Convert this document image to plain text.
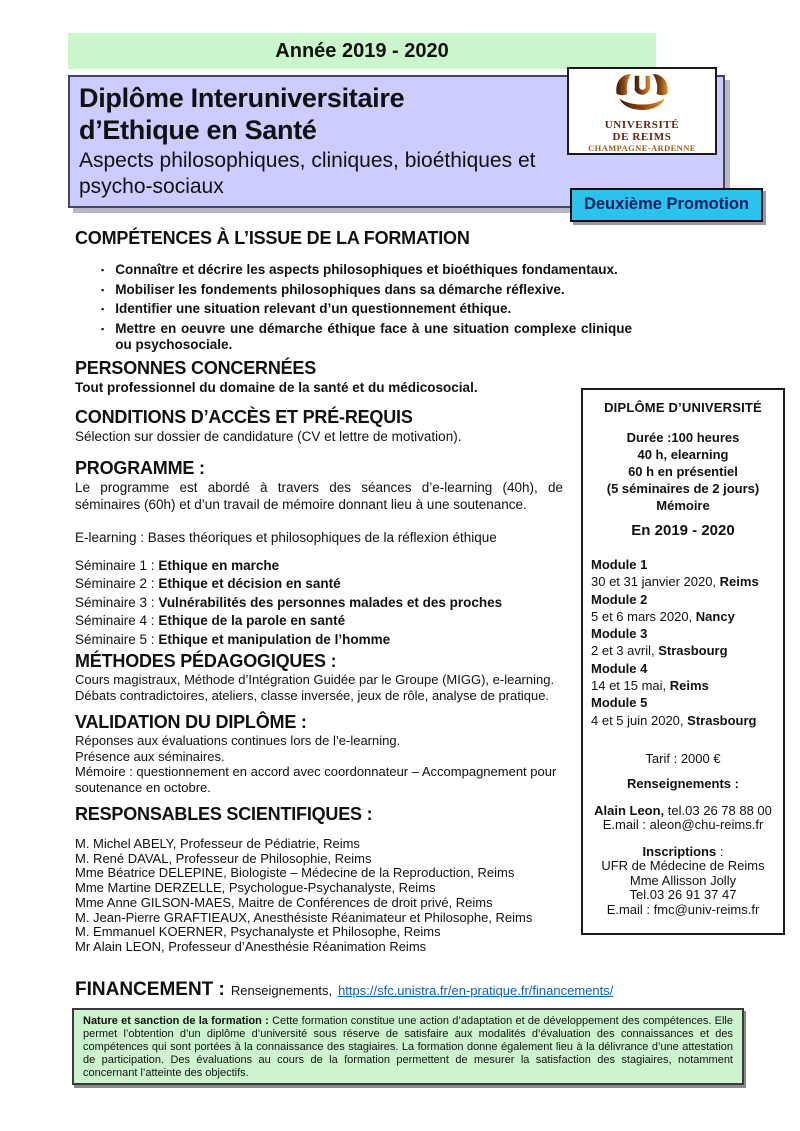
Année 2019 - 2020
Diplôme Interuniversitaire
d’Ethique en Santé
Aspects philosophiques, cliniques, bioéthiques et psycho-sociaux
UNIVERSITÉ
DE REIMS
CHAMPAGNE-ARDENNE
Deuxième Promotion
COMPÉTENCES À L’ISSUE DE LA FORMATION
▪ Connaître et décrire les aspects philosophiques et bioéthiques fondamentaux.
▪ Mobiliser les fondements philosophiques dans sa démarche réflexive.
▪ Identifier une situation relevant d’un questionnement éthique.
▪ Mettre en oeuvre une démarche éthique face à une situation complexe clinique ou psychosociale.
PERSONNES CONCERNÉES
Tout professionnel du domaine de la santé et du médicosocial.
CONDITIONS D’ACCÈS ET PRÉ-REQUIS
Sélection sur dossier de candidature (CV et lettre de motivation).
PROGRAMME :

Le programme est abordé à travers des séances d’e-learning (40h), de séminaires (60h) et d’un travail de mémoire donnant lieu à une soutenance.

E-learning : Bases théoriques et philosophiques de la réflexion éthique

Séminaire 1 : Ethique en marche
Séminaire 2 : Ethique et décision en santé
Séminaire 3 : Vulnérabilités des personnes malades et des proches
Séminaire 4 : Ethique de la parole en santé
Séminaire 5 : Ethique et manipulation de l’homme
MÉTHODES PÉDAGOGIQUES :
Cours magistraux, Méthode d’Intégration Guidée par le Groupe (MIGG), e-learning.
Débats contradictoires, ateliers, classe inversée, jeux de rôle, analyse de pratique.
VALIDATION DU DIPLÔME :
Réponses aux évaluations continues lors de l’e-learning.
Présence aux séminaires.
Mémoire : questionnement en accord avec coordonnateur – Accompagnement pour soutenance en octobre.
RESPONSABLES SCIENTIFIQUES :
M. Michel ABELY, Professeur de Pédiatrie, Reims
M. René DAVAL, Professeur de Philosophie, Reims
Mme Béatrice DELEPINE, Biologiste – Médecine de la Reproduction, Reims
Mme Martine DERZELLE, Psychologue-Psychanalyste, Reims
Mme Anne GILSON-MAES, Maitre de Conférences de droit privé, Reims
M. Jean-Pierre GRAFTIEAUX, Anesthésiste Réanimateur et Philosophe, Reims
M. Emmanuel KOERNER, Psychanalyste et Philosophe, Reims
Mr Alain LEON, Professeur d’Anesthésie Réanimation Reims
FINANCEMENT : Renseignements, https://sfc.unistra.fr/en-pratique.fr/financements/
DIPLÔME D’UNIVERSITÉ
Durée :100 heures
40 h, elearning
60 h en présentiel
(5 séminaires de 2 jours)
Mémoire
En 2019 - 2020
Module 1
30 et 31 janvier 2020, Reims
Module 2
5 et 6 mars 2020, Nancy
Module 3
2 et 3 avril, Strasbourg
Module 4
14 et 15 mai, Reims
Module 5
4 et 5 juin 2020, Strasbourg
Tarif : 2000 €
Renseignements :
Alain Leon, tel.03 26 78 88 00
E.mail : aleon@chu-reims.fr
Inscriptions :
UFR de Médecine de Reims
Mme Allisson Jolly
Tel.03 26 91 37 47
E.mail : fmc@univ-reims.fr
Nature et sanction de la formation : Cette formation constitue une action d’adaptation et de développement des compétences. Elle permet l’obtention d’un diplôme d’université sous réserve de satisfaire aux modalités d’évaluation des connaissances et des compétences qui sont portées à la connaissance des stagiaires. La formation donne également lieu à la délivrance d’une attestation de participation. Des évaluations au cours de la formation permettent de mesurer la satisfaction des stagiaires, notamment concernant l’atteinte des objectifs.
